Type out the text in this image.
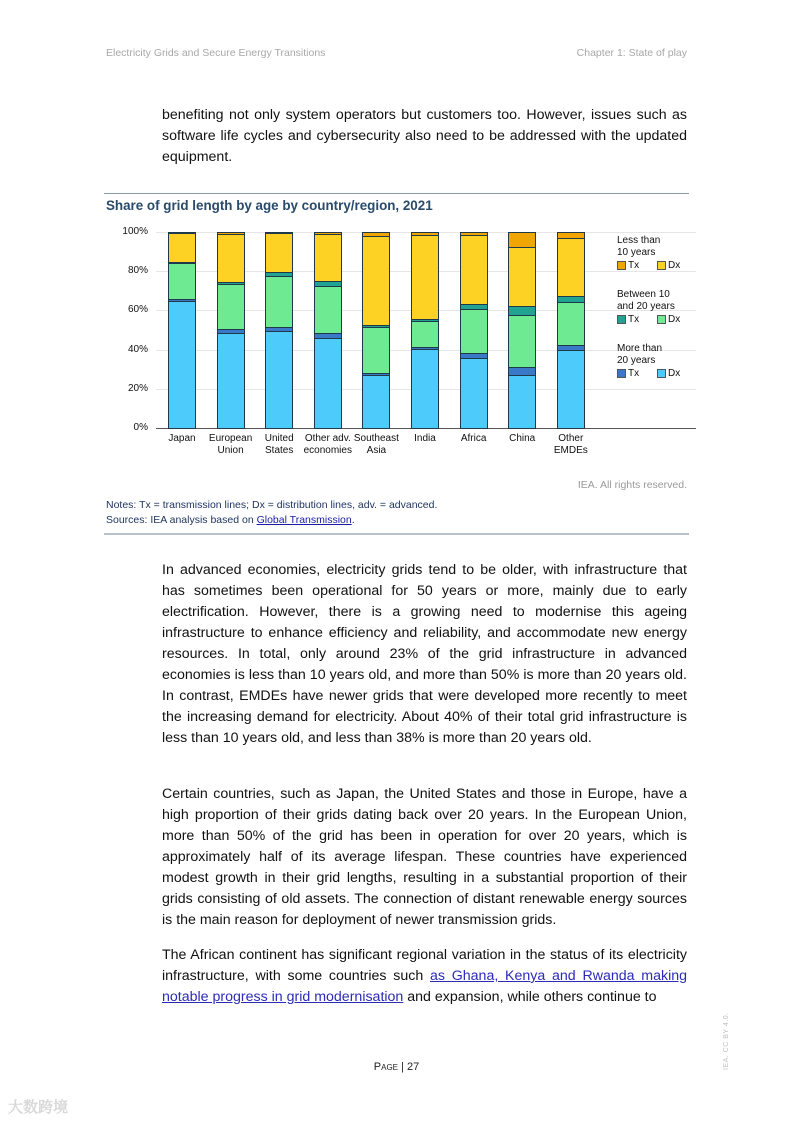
Electricity Grids and Secure Energy Transitions	Chapter 1: State of play
benefiting not only system operators but customers too. However, issues such as software life cycles and cybersecurity also need to be addressed with the updated equipment.
Share of grid length by age by country/region, 2021
0%
20%
40%
60%
80%
100%
Japan	European
Union
United
States
Other adv.
economies
Southeast
Asia
India	Africa	China	Other
EMDEs
Less than
10 years
Tx	Dx
Between 10
and 20 years
Tx	Dx
More than
20 years
Tx	Dx
IEA. All rights reserved.
Notes: Tx = transmission lines; Dx = distribution lines, adv. = advanced.
Sources: IEA analysis based on Global Transmission.
In advanced economies, electricity grids tend to be older, with infrastructure that has sometimes been operational for 50 years or more, mainly due to early electrification. However, there is a growing need to modernise this ageing infrastructure to enhance efficiency and reliability, and accommodate new energy resources. In total, only around 23% of the grid infrastructure in advanced economies is less than 10 years old, and more than 50% is more than 20 years old. In contrast, EMDEs have newer grids that were developed more recently to meet the increasing demand for electricity. About 40% of their total grid infrastructure is less than 10 years old, and less than 38% is more than 20 years old.
Certain countries, such as Japan, the United States and those in Europe, have a high proportion of their grids dating back over 20 years. In the European Union, more than 50% of the grid has been in operation for over 20 years, which is approximately half of its average lifespan. These countries have experienced modest growth in their grid lengths, resulting in a substantial proportion of their grids consisting of old assets. The connection of distant renewable energy sources is the main reason for deployment of newer transmission grids.
The African continent has significant regional variation in the status of its electricity infrastructure, with some countries such as Ghana, Kenya and Rwanda making notable progress in grid modernisation and expansion, while others continue to
Page | 27	IEA. CC BY 4.0.
大数跨境
